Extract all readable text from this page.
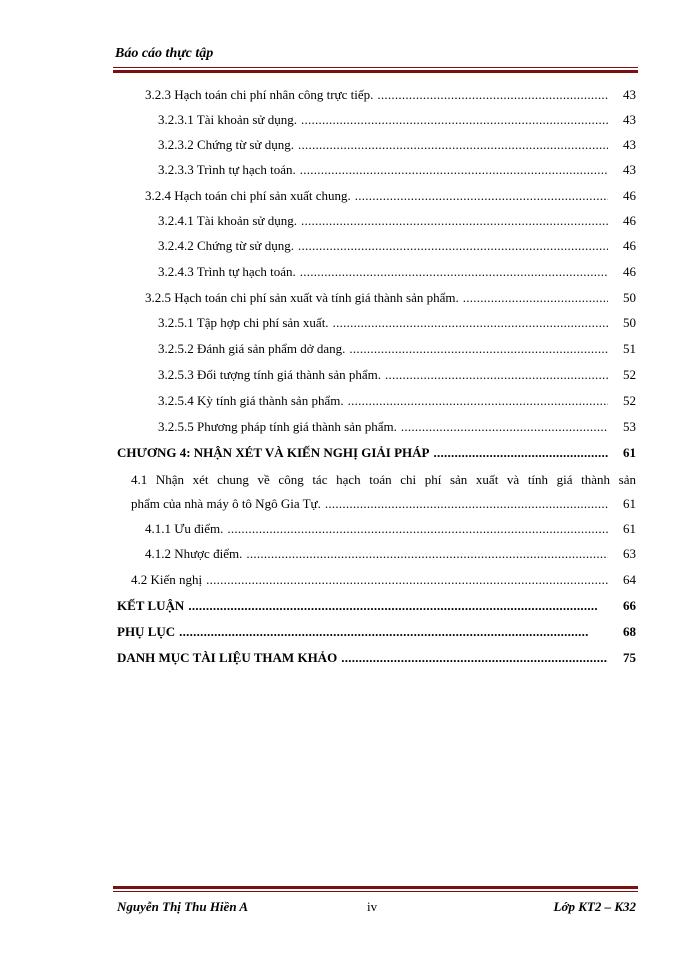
Báo cáo thực tập
3.2.3 Hạch toán chi phí nhân công trực tiếp. . . .	43
3.2.3.1 Tài khoản sử dụng. . . .	43
3.2.3.2 Chứng từ sử dụng. . . .	43
3.2.3.3 Trình tự hạch toán. . . .	43
3.2.4 Hạch toán chi phí sản xuất chung. . . .	46
3.2.4.1 Tài khoản sử dụng. . . .	46
3.2.4.2 Chứng từ sử dụng. . . .	46
3.2.4.3 Trình tự hạch toán. . . .	46
3.2.5 Hạch toán chi phí sản xuất và tính giá thành sản phẩm. . . .	50
3.2.5.1 Tập hợp chi phí sản xuất. . . .	50
3.2.5.2 Đánh giá sản phẩm dở dang. . . .	51
3.2.5.3 Đối tượng tính giá thành sản phẩm. . . .	52
3.2.5.4 Kỳ tính giá thành sản phẩm. . . .	52
3.2.5.5 Phương pháp tính giá thành sản phẩm. . . .	53
CHƯƠNG 4: NHẬN XÉT VÀ KIẾN NGHỊ GIẢI PHÁP . . .	61
4.1 Nhận xét chung về công tác hạch toán chi phí sản xuất và tính giá thành sản
phẩm của nhà máy ô tô Ngô Gia Tự. . . .	61
4.1.1 Ưu điểm. . . .	61
4.1.2 Nhược điểm. . . .	63
4.2 Kiến nghị . . .	64
KẾT LUẬN . . .	66
PHỤ LỤC . . .	68
DANH MỤC TÀI LIỆU THAM KHẢO . . .	75
Nguyễn Thị Thu Hiền A	iv	Lớp KT2 – K32
